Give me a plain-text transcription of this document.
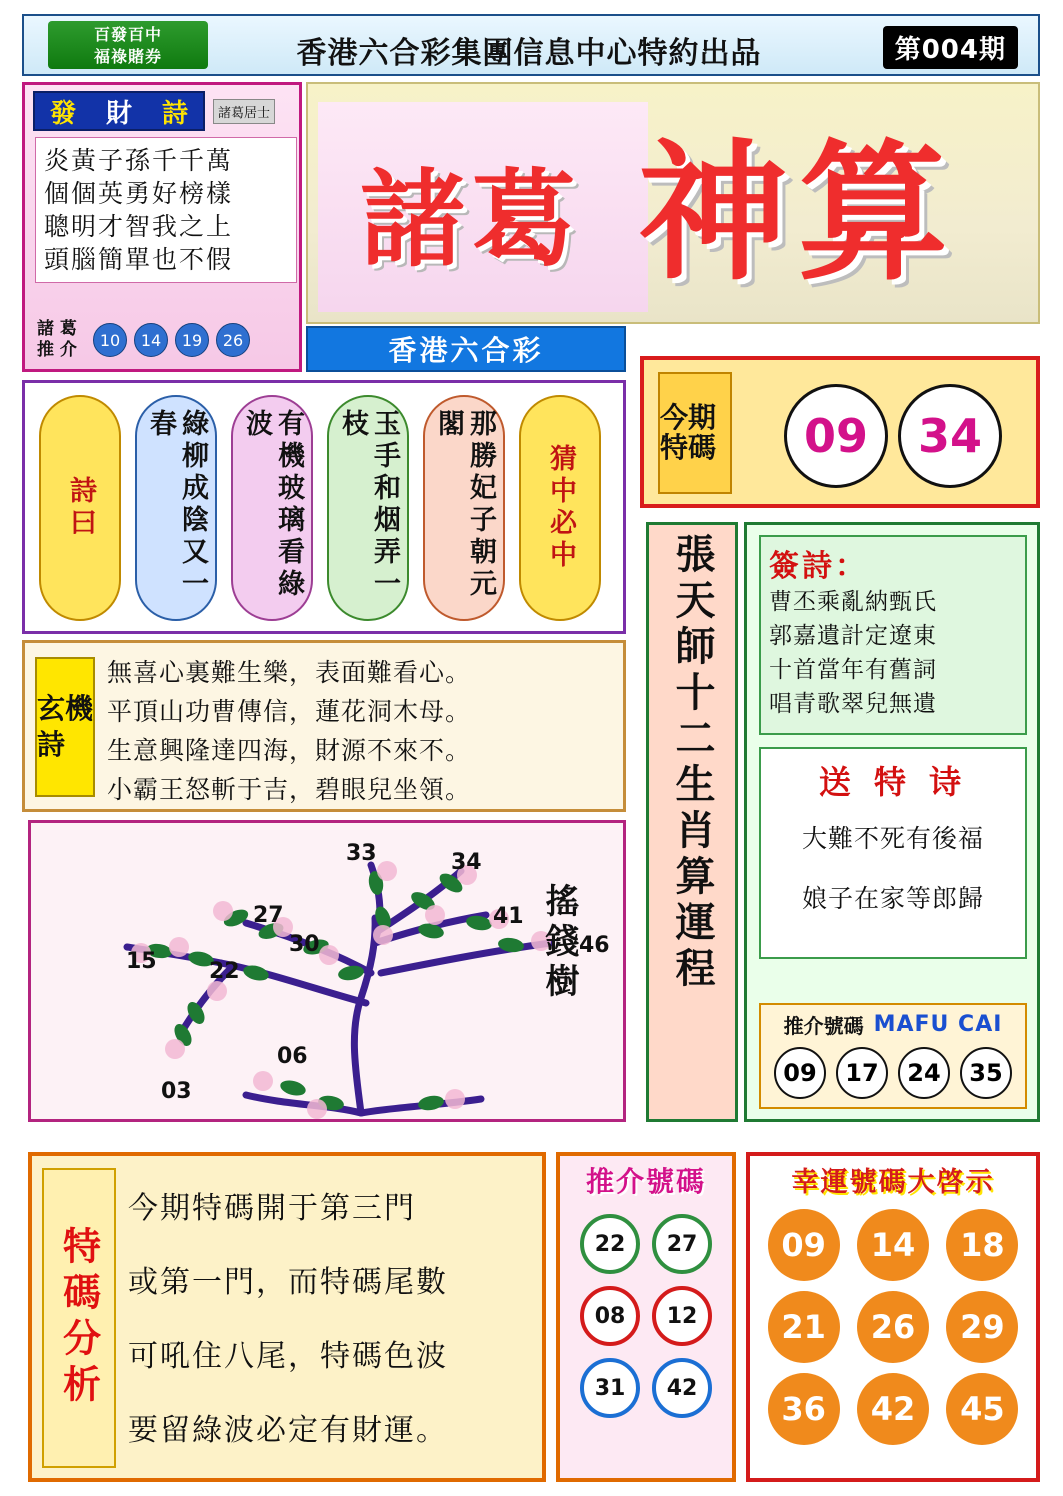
百發百中
福祿賭券	香港六合彩集團信息中心特約出品	第004期
發 財 詩	諸葛居士
炎黃子孫千千萬
個個英勇好榜樣
聰明才智我之上
頭腦簡單也不假
諸 葛
推 介	10	14	19	26
諸葛 神算
香港六合彩
今期特碼	09	34
詩曰	綠柳成陰又一春	有機玻璃看綠波	玉手和烟弄一枝	那勝妃子朝元閣
猜中必中
玄機詩
無喜心裏難生樂，表面難看心。
平頂山功曹傳信，蓮花洞木母。
生意興隆達四海，財源不來不。
小霸王怒斬于吉，碧眼兒坐領。
33	34
27	41
30	46
15 22
06
03
搖錢樹 張天師十二生肖算運程 簽詩：
曹丕乘亂納甄氏
郭嘉遺計定遼東
十首當年有舊詞
唱青歌翠兒無遺
送 特 诗
大難不死有後福
娘子在家等郎歸
推介號碼 MAFU CAI
09	17	24	35
特碼分析
今期特碼開于第三門
或第一門，而特碼尾數
可吼住八尾，特碼色波
要留綠波必定有財運。
推介號碼
22	27
08	12
31	42
幸運號碼大啓示
09	14	18
21	26	29
36	42	45
